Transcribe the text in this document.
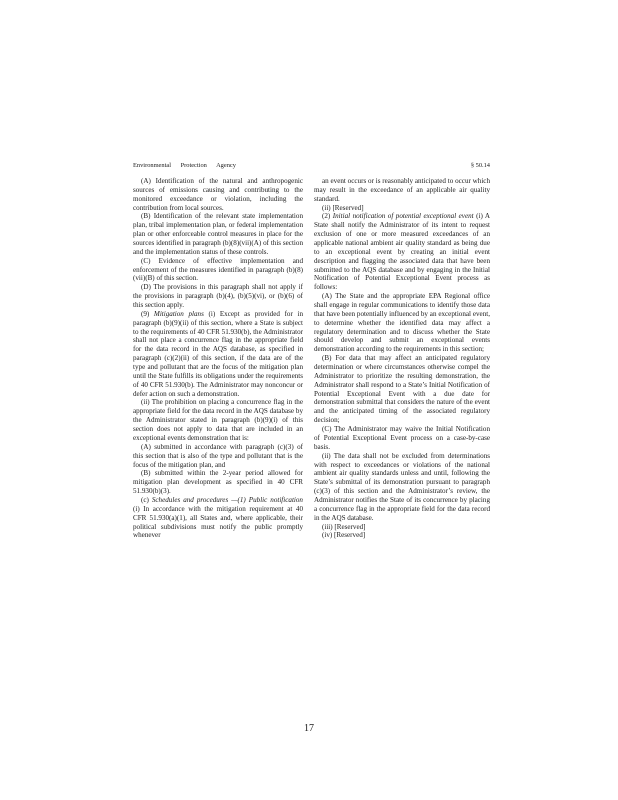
Environmental      Protection      Agency	§ 50.14

(A) Identification of the natural and anthropogenic sources of emissions causing and contributing to the monitored exceedance or violation, including the contribution from local sources.

(B) Identification of the relevant state implementation plan, tribal implementation plan, or federal implementation plan or other enforceable control measures in place for the sources identified in paragraph (b)(8)(vii)(A) of this section and the implementation status of these controls.

(C) Evidence of effective implementation and enforcement of the measures identified in paragraph (b)(8)(vii)(B) of this section.

(D) The provisions in this paragraph shall not apply if the provisions in paragraph (b)(4), (b)(5)(vi), or (b)(6) of this section apply.

(9) Mitigation plans (i) Except as provided for in paragraph (b)(9)(ii) of this section, where a State is subject to the requirements of 40 CFR 51.930(b), the Administrator shall not place a concurrence flag in the appropriate field for the data record in the AQS database, as specified in paragraph (c)(2)(ii) of this section, if the data are of the type and pollutant that are the focus of the mitigation plan until the State fulfills its obligations under the requirements of 40 CFR 51.930(b). The Administrator may nonconcur or defer action on such a demonstration.

(ii) The prohibition on placing a concurrence flag in the appropriate field for the data record in the AQS database by the Administrator stated in paragraph (b)(9)(i) of this section does not apply to data that are included in an exceptional events demonstration that is:

(A) submitted in accordance with paragraph (c)(3) of this section that is also of the type and pollutant that is the focus of the mitigation plan, and

(B) submitted within the 2-year period allowed for mitigation plan development as specified in 40 CFR 51.930(b)(3).

(c) Schedules and procedures —(1) Public notification (i) In accordance with the mitigation requirement at 40 CFR 51.930(a)(1), all States and, where applicable, their political subdivisions must notify the public promptly whenever

an event occurs or is reasonably anticipated to occur which may result in the exceedance of an applicable air quality standard.

(ii) [Reserved]

(2) Initial notification of potential exceptional event (i) A State shall notify the Administrator of its intent to request exclusion of one or more measured exceedances of an applicable national ambient air quality standard as being due to an exceptional event by creating an initial event description and flagging the associated data that have been submitted to the AQS database and by engaging in the Initial Notification of Potential Exceptional Event process as follows:

(A) The State and the appropriate EPA Regional office shall engage in regular communications to identify those data that have been potentially influenced by an exceptional event, to determine whether the identified data may affect a regulatory determination and to discuss whether the State should develop and submit an exceptional events demonstration according to the requirements in this section;

(B) For data that may affect an anticipated regulatory determination or where circumstances otherwise compel the Administrator to prioritize the resulting demonstration, the Administrator shall respond to a State’s Initial Notification of Potential Exceptional Event with a due date for demonstration submittal that considers the nature of the event and the anticipated timing of the associated regulatory decision;

(C) The Administrator may waive the Initial Notification of Potential Exceptional Event process on a case-by-case basis.

(ii) The data shall not be excluded from determinations with respect to exceedances or violations of the national ambient air quality standards unless and until, following the State’s submittal of its demonstration pursuant to paragraph (c)(3) of this section and the Administrator’s review, the Administrator notifies the State of its concurrence by placing a concurrence flag in the appropriate field for the data record in the AQS database.

(iii) [Reserved]

(iv) [Reserved]

17
